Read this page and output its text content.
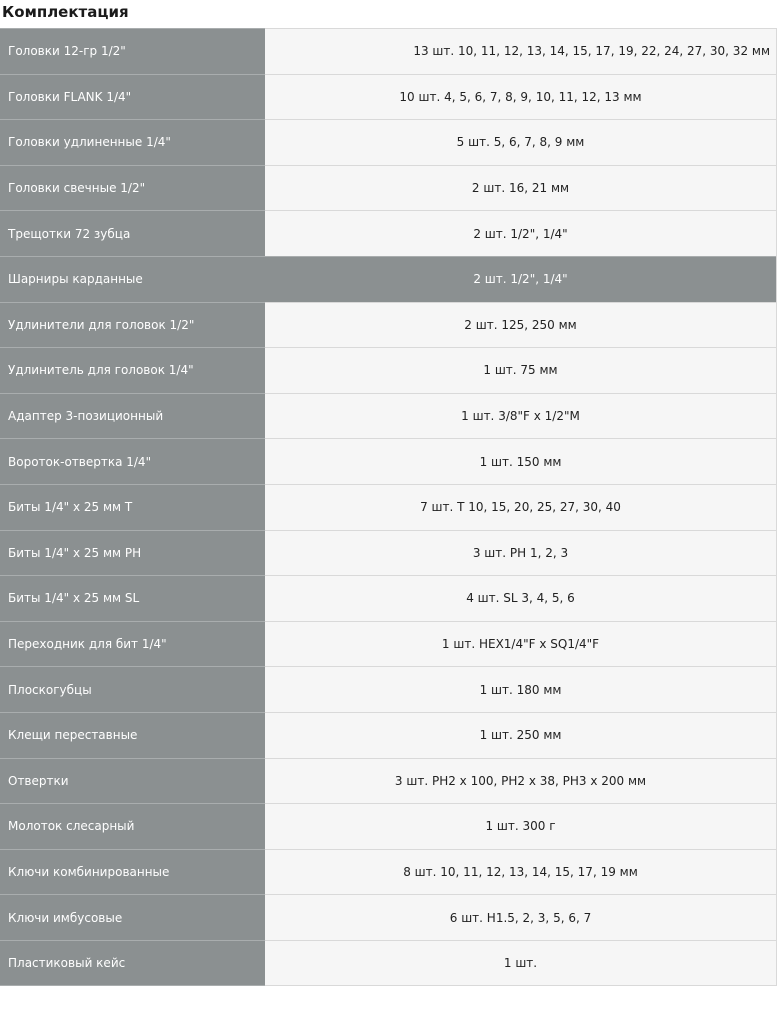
Комплектация
Головки 12-гр 1/2"	13 шт. 10, 11, 12, 13, 14, 15, 17, 19, 22, 24, 27, 30, 32 мм
Головки FLANK 1/4"	10 шт. 4, 5, 6, 7, 8, 9, 10, 11, 12, 13 мм
Головки удлиненные 1/4"	5 шт. 5, 6, 7, 8, 9 мм
Головки свечные 1/2"	2 шт. 16, 21 мм
Трещотки 72 зубца	2 шт. 1/2", 1/4"
Шарниры карданные	2 шт. 1/2", 1/4"
Удлинители для головок 1/2"	2 шт. 125, 250 мм
Удлинитель для головок 1/4"	1 шт. 75 мм
Адаптер 3-позиционный	1 шт. 3/8"F x 1/2"M
Вороток-отвертка 1/4"	1 шт. 150 мм
Биты 1/4" x 25 мм T	7 шт. T 10, 15, 20, 25, 27, 30, 40
Биты 1/4" x 25 мм PH	3 шт. PH 1, 2, 3
Биты 1/4" x 25 мм SL	4 шт. SL 3, 4, 5, 6
Переходник для бит 1/4"	1 шт. HEX1/4"F x SQ1/4"F
Плоскогубцы	1 шт. 180 мм
Клещи переставные	1 шт. 250 мм
Отвертки	3 шт. PH2 x 100, PH2 x 38, PH3 x 200 мм
Молоток слесарный	1 шт. 300 г
Ключи комбинированные	8 шт. 10, 11, 12, 13, 14, 15, 17, 19 мм
Ключи имбусовые	6 шт. H1.5, 2, 3, 5, 6, 7
Пластиковый кейс	1 шт.
